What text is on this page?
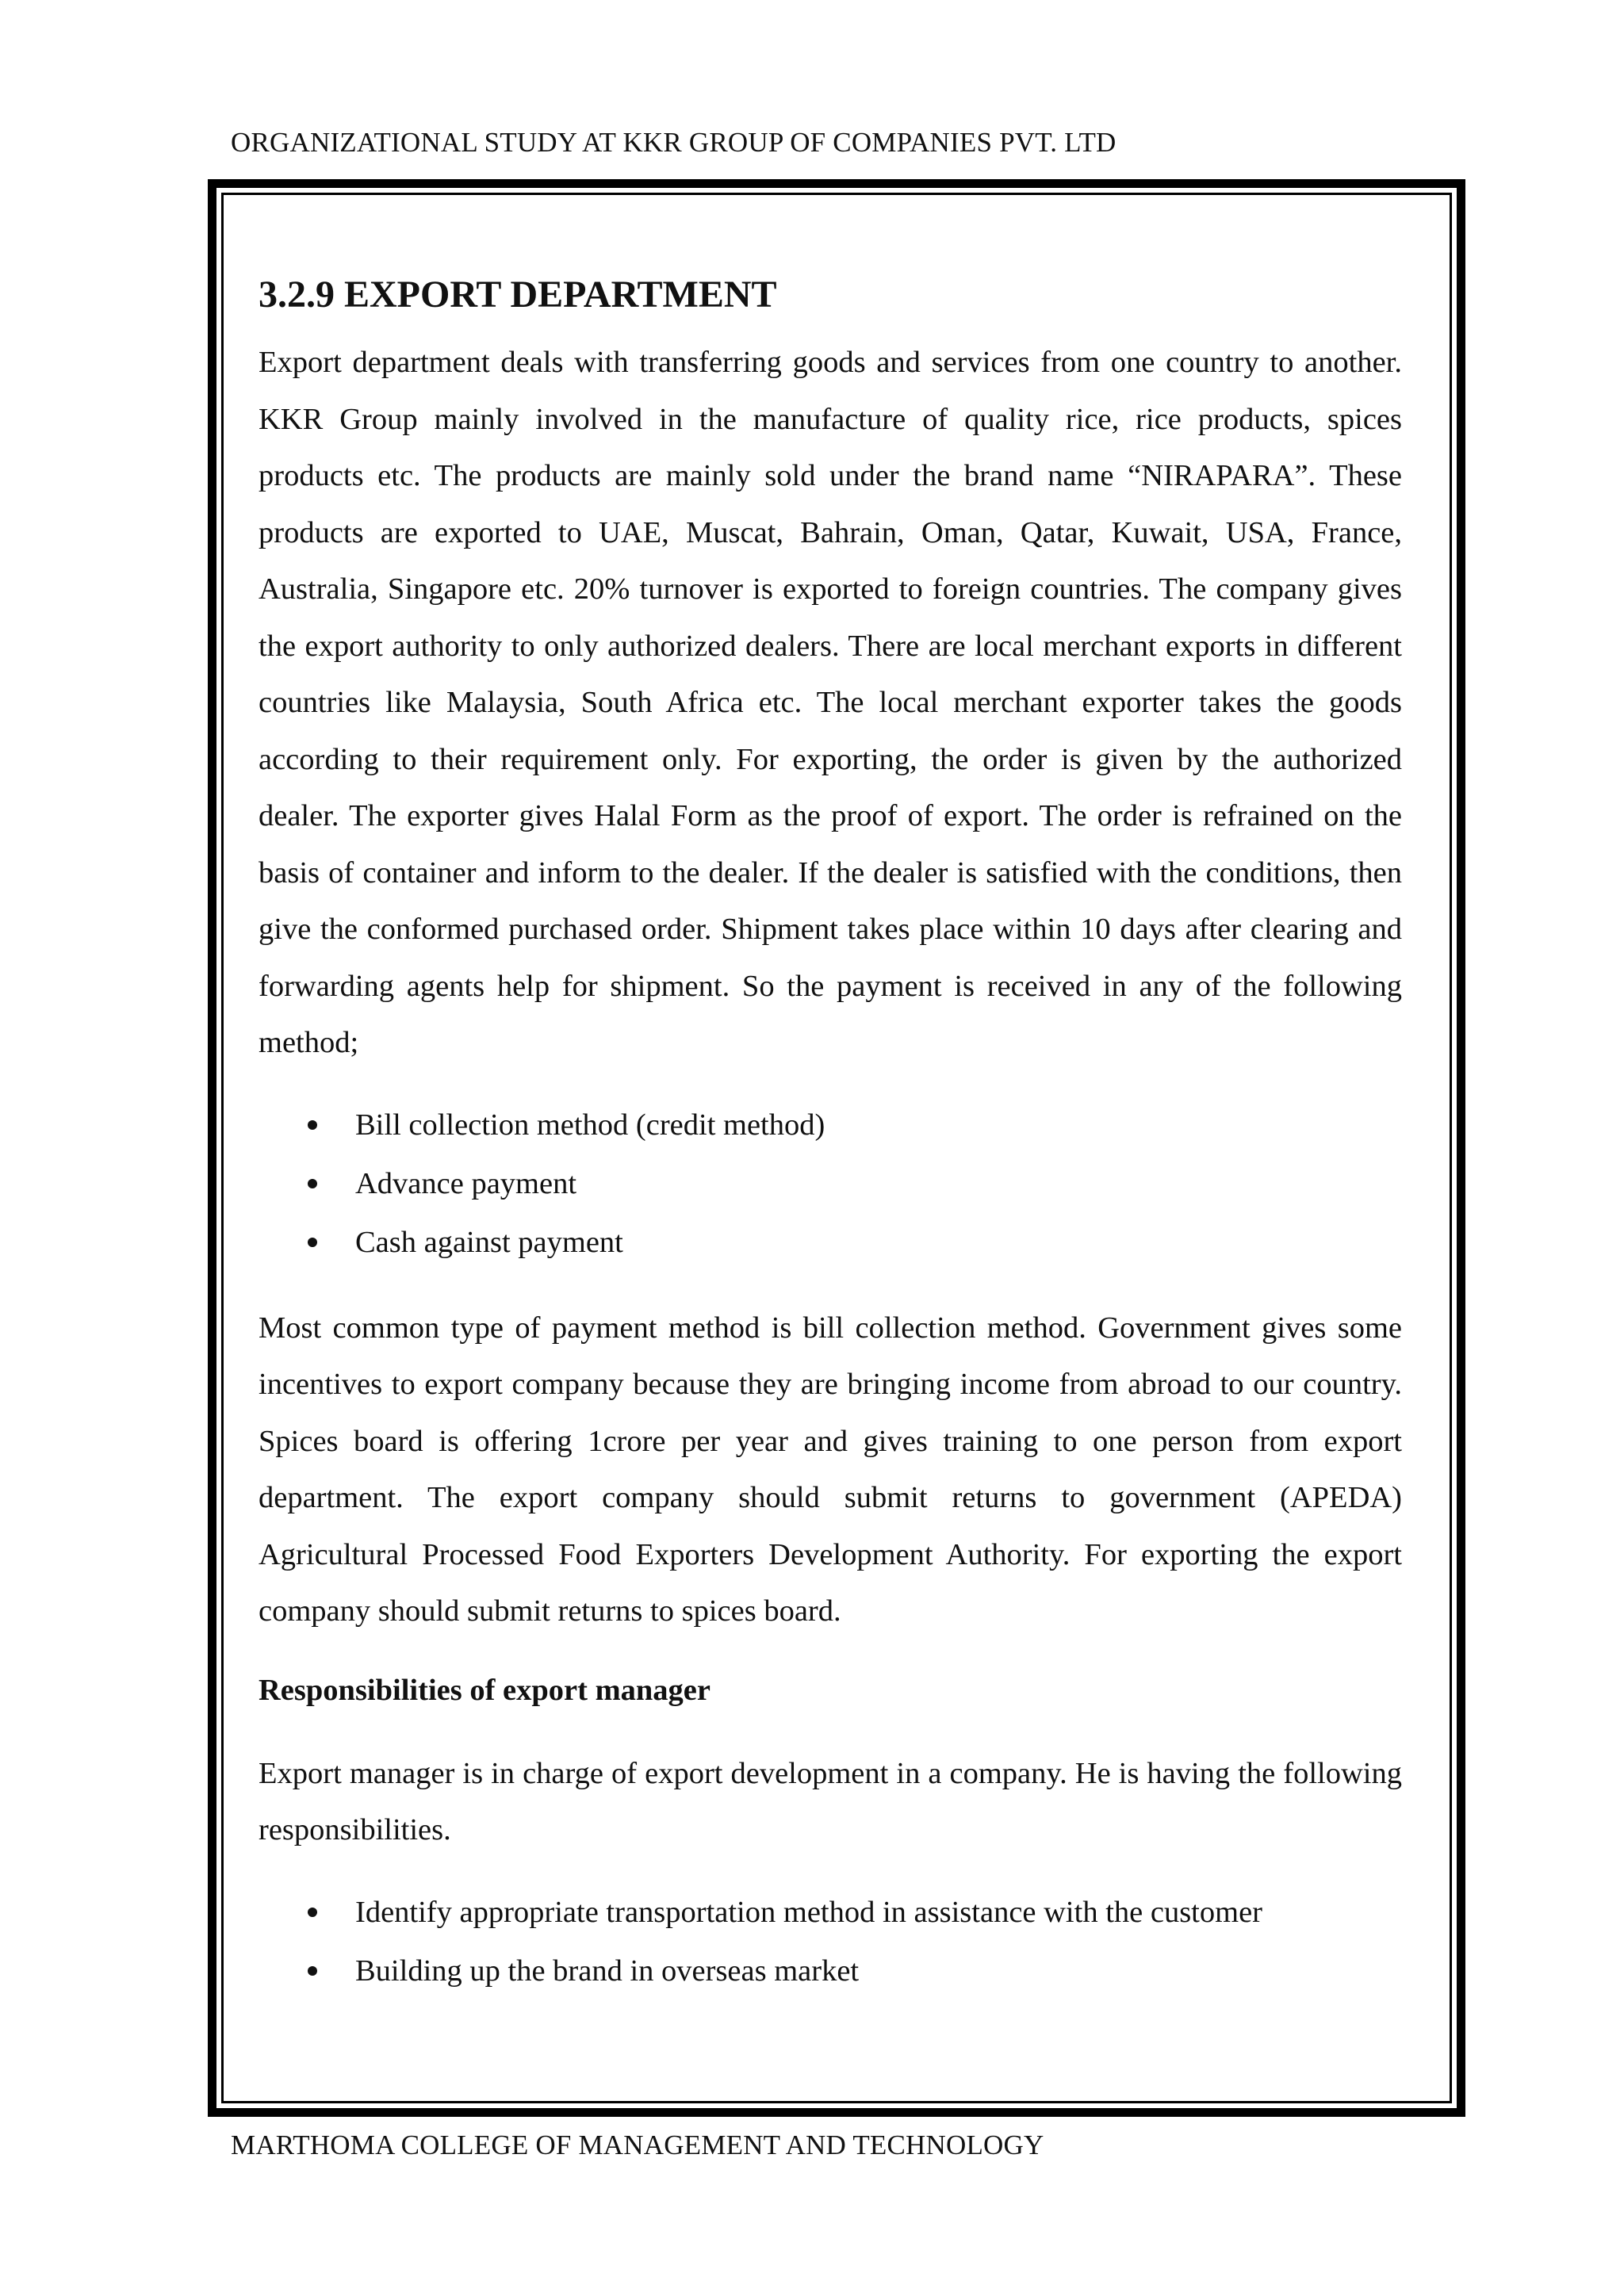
ORGANIZATIONAL STUDY AT KKR GROUP OF COMPANIES PVT. LTD
3.2.9 EXPORT DEPARTMENT

Export department deals with transferring goods and services from one country to another. KKR Group mainly involved in the manufacture of quality rice, rice products, spices products etc. The products are mainly sold under the brand name “NIRAPARA”. These products are exported to UAE, Muscat, Bahrain, Oman, Qatar, Kuwait, USA, France, Australia, Singapore etc. 20% turnover is exported to foreign countries. The company gives the export authority to only authorized dealers. There are local merchant exports in different countries like Malaysia, South Africa etc. The local merchant exporter takes the goods according to their requirement only. For exporting, the order is given by the authorized dealer. The exporter gives Halal Form as the proof of export. The order is refrained on the basis of container and inform to the dealer. If the dealer is satisfied with the conditions, then give the conformed purchased order. Shipment takes place within 10 days after clearing and forwarding agents help for shipment. So the payment is received in any of the following method;

Bill collection method (credit method)
Advance payment
Cash against payment

Most common type of payment method is bill collection method. Government gives some incentives to export company because they are bringing income from abroad to our country. Spices board is offering 1crore per year and gives training to one person from export department. The export company should submit returns to government (APEDA) Agricultural Processed Food Exporters Development Authority. For exporting the export company should submit returns to spices board.

Responsibilities of export manager

Export manager is in charge of export development in a company. He is having the following responsibilities.

Identify appropriate transportation method in assistance with the customer
Building up the brand in overseas market
MARTHOMA COLLEGE OF MANAGEMENT AND TECHNOLOGY
